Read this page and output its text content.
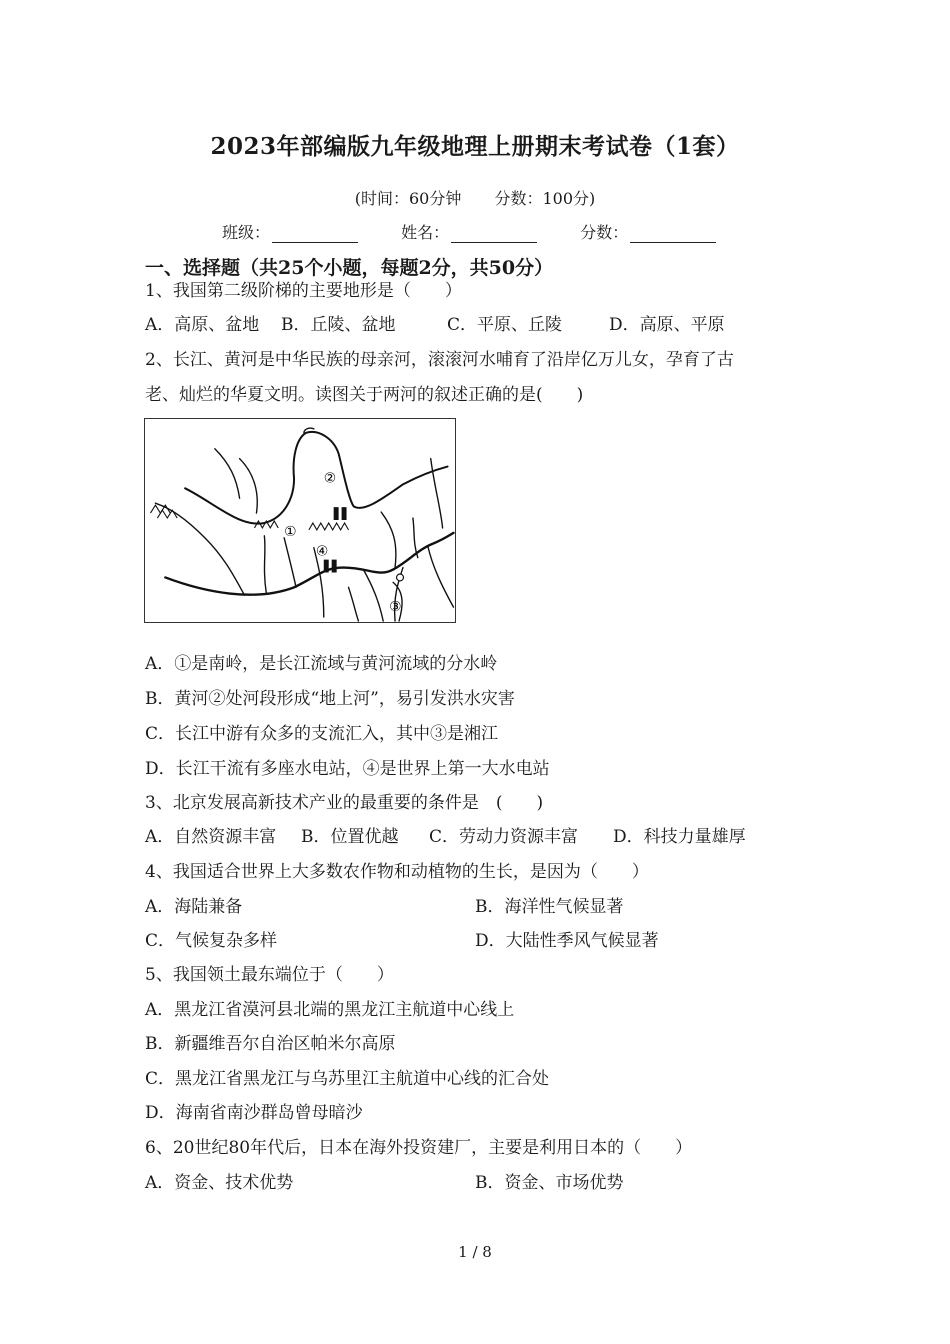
2023年部编版九年级地理上册期末考试卷（1套）
(时间：60分钟 分数：100分)
班级：	姓名：	分数：
一、选择题（共25个小题，每题2分，共50分）
1、我国第二级阶梯的主要地形是（　　）
A．高原、盆地 B．丘陵、盆地	C．平原、丘陵	D．高原、平原
2、长江、黄河是中华民族的母亲河，滚滚河水哺育了沿岸亿万儿女，孕育了古
老、灿烂的华夏文明。读图关于两河的叙述正确的是(　　)
②
①
④
③
A．①是南岭，是长江流域与黄河流域的分水岭
B．黄河②处河段形成“地上河”，易引发洪水灾害
C．长江中游有众多的支流汇入，其中③是湘江
D．长江干流有多座水电站，④是世界上第一大水电站
3、北京发展高新技术产业的最重要的条件是　(　　)
A．自然资源丰富 B．位置优越 C．劳动力资源丰富 D．科技力量雄厚
4、我国适合世界上大多数农作物和动植物的生长，是因为（　　）
A．海陆兼备	B．海洋性气候显著
C．气候复杂多样	D．大陆性季风气候显著
5、我国领土最东端位于（　　）
A．黑龙江省漠河县北端的黑龙江主航道中心线上
B．新疆维吾尔自治区帕米尔高原
C．黑龙江省黑龙江与乌苏里江主航道中心线的汇合处
D．海南省南沙群岛曾母暗沙
6、20世纪80年代后，日本在海外投资建厂，主要是利用日本的（　　）
A．资金、技术优势	B．资金、市场优势
1 / 8
